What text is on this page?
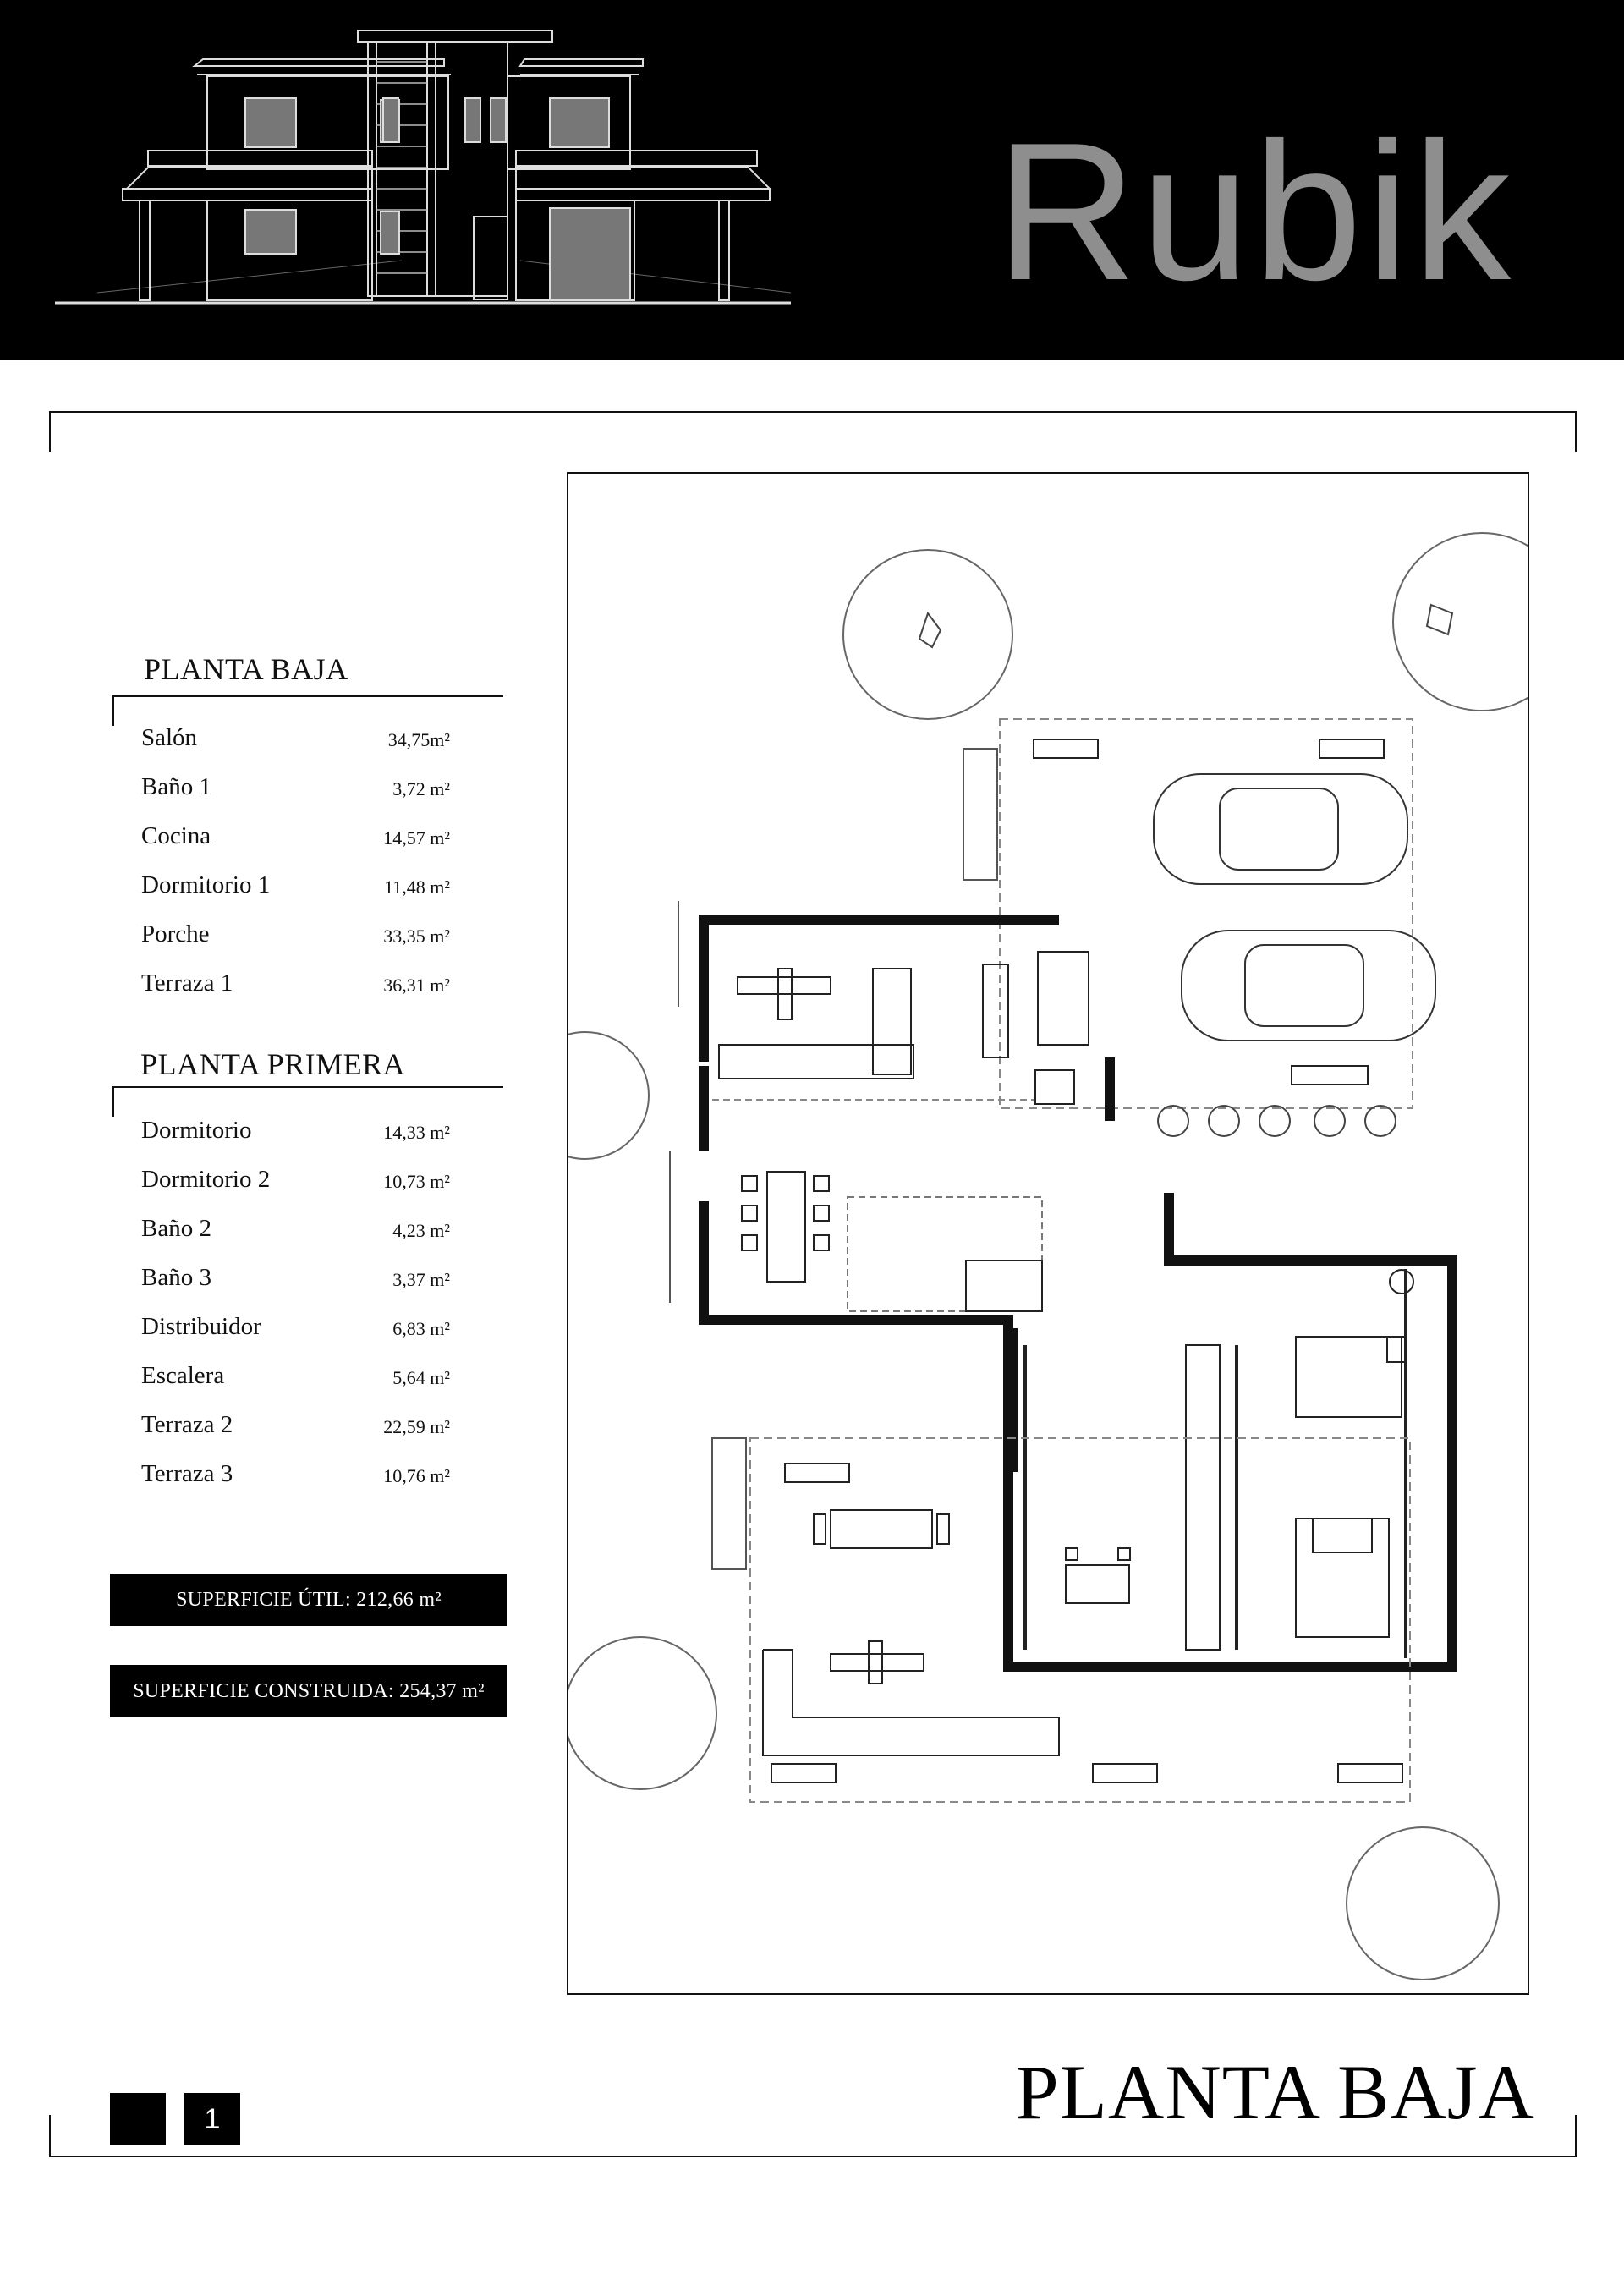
Rubik
PLANTA BAJA
Salón	34,75m²
Baño 1	3,72 m²
Cocina	14,57 m²
Dormitorio 1	11,48 m²
Porche	33,35 m²
Terraza 1	36,31 m²
PLANTA PRIMERA
Dormitorio	14,33 m²
Dormitorio 2	10,73 m²
Baño 2	4,23 m²
Baño 3	3,37 m²
Distribuidor	6,83 m²
Escalera	5,64 m²
Terraza 2	22,59 m²
Terraza 3	10,76 m²
SUPERFICIE ÚTIL: 212,66 m²
SUPERFICIE CONSTRUIDA: 254,37 m²
1	PLANTA BAJA
